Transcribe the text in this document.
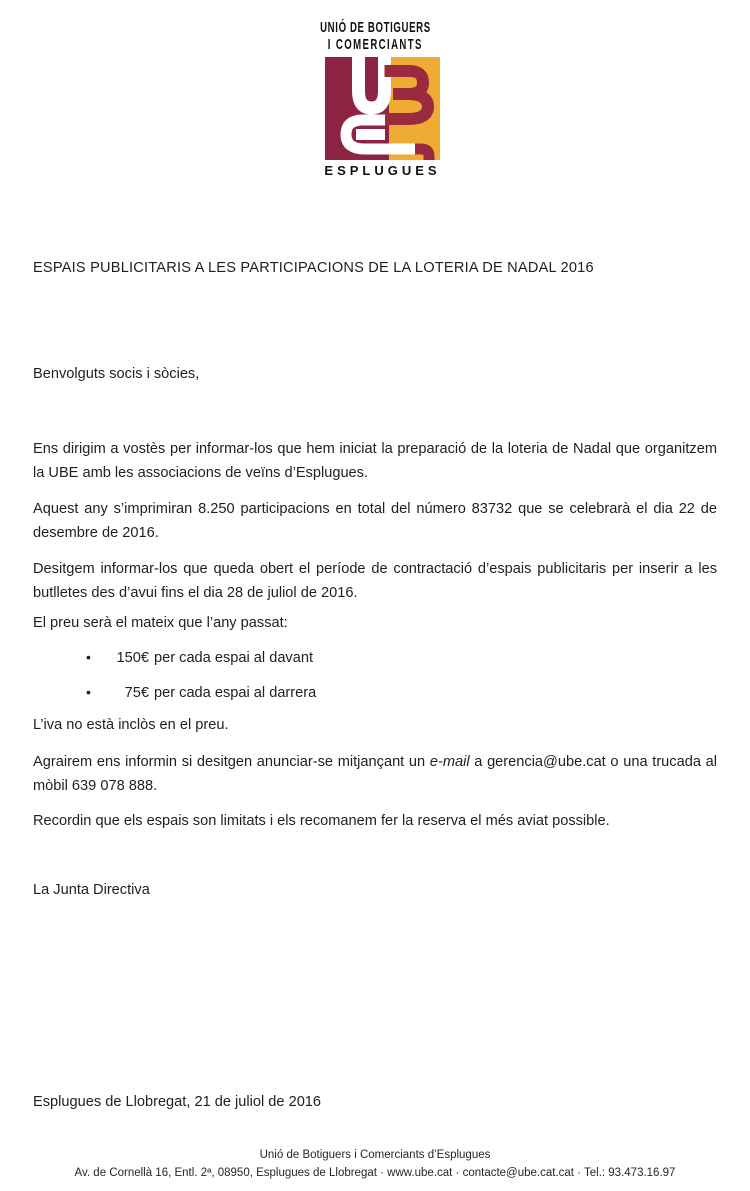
UNIÓ DE BOTIGUERS
I COMERCIANTS
ESPLUGUES
ESPAIS PUBLICITARIS A LES PARTICIPACIONS DE LA LOTERIA DE NADAL 2016
Benvolguts socis i sòcies,
Ens dirigim a vostès per informar-los que hem iniciat la preparació de la loteria de Nadal que organitzem la UBE amb les associacions de veïns d’Esplugues.
Aquest any s’imprimiran 8.250 participacions en total del número 83732 que se celebrarà el dia 22 de desembre de 2016.
Desitgem informar-los que queda obert el període de contractació d’espais publicitaris per inserir a les butlletes des d’avui fins el dia 28 de juliol de 2016.
El preu serà el mateix que l’any passat:
•	150€ per cada espai al davant
•	75€ per cada espai al darrera
L’iva no està inclòs en el preu.
Agrairem ens informin si desitgen anunciar-se mitjançant un e-mail a gerencia@ube.cat o una trucada al mòbil 639 078 888.
Recordin que els espais son limitats i els recomanem fer la reserva el més aviat possible.
La Junta Directiva
Esplugues de Llobregat, 21 de juliol de 2016
Unió de Botiguers i Comerciants d’Esplugues
Av. de Cornellà 16, Entl. 2ª, 08950, Esplugues de Llobregat · www.ube.cat · contacte@ube.cat.cat · Tel.: 93.473.16.97
